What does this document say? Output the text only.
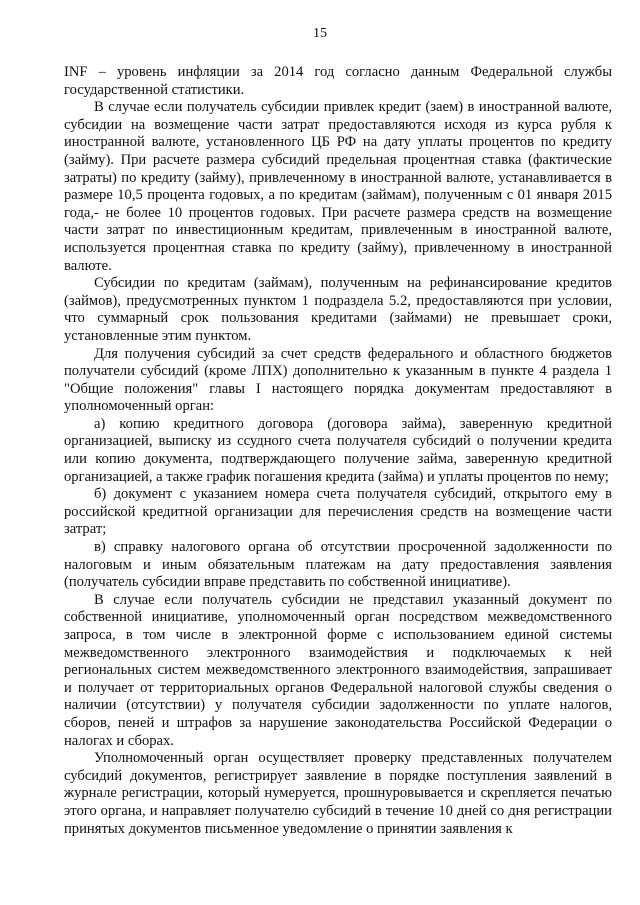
15

INF – уровень инфляции за 2014 год согласно данным Федеральной службы государственной статистики.

В случае если получатель субсидии привлек кредит (заем) в иностранной валюте, субсидии на возмещение части затрат предоставляются исходя из курса рубля к иностранной валюте, установленного ЦБ РФ на дату уплаты процентов по кредиту (займу). При расчете размера субсидий предельная процентная ставка (фактические затраты) по кредиту (займу), привлеченному в иностранной валюте, устанавливается в размере 10,5 процента годовых, а по кредитам (займам), полученным с 01 января 2015 года,- не более 10 процентов годовых. При расчете размера средств на возмещение части затрат по инвестиционным кредитам, привлеченным в иностранной валюте, используется процентная ставка по кредиту (займу), привлеченному в иностранной валюте.

Субсидии по кредитам (займам), полученным на рефинансирование кредитов (займов), предусмотренных пунктом 1 подраздела 5.2, предоставляются при условии, что суммарный срок пользования кредитами (займами) не превышает сроки, установленные этим пунктом.

Для получения субсидий за счет средств федерального и областного бюджетов получатели субсидий (кроме ЛПХ) дополнительно к указанным в пункте 4 раздела 1 "Общие положения" главы I настоящего порядка документам предоставляют в уполномоченный орган:

а) копию кредитного договора (договора займа), заверенную кредитной организацией, выписку из ссудного счета получателя субсидий о получении кредита или копию документа, подтверждающего получение займа, заверенную кредитной организацией, а также график погашения кредита (займа) и уплаты процентов по нему;

б) документ с указанием номера счета получателя субсидий, открытого ему в российской кредитной организации для перечисления средств на возмещение части затрат;

в) справку налогового органа об отсутствии просроченной задолженности по налоговым и иным обязательным платежам на дату предоставления заявления (получатель субсидии вправе представить по собственной инициативе).

В случае если получатель субсидии не представил указанный документ по собственной инициативе, уполномоченный орган посредством межведомственного запроса, в том числе в электронной форме с использованием единой системы межведомственного электронного взаимодействия и подключаемых к ней региональных систем межведомственного электронного взаимодействия, запрашивает и получает от территориальных органов Федеральной налоговой службы сведения о наличии (отсутствии) у получателя субсидии задолженности по уплате налогов, сборов, пеней и штрафов за нарушение законодательства Российской Федерации о налогах и сборах.

Уполномоченный орган осуществляет проверку представленных получателем субсидий документов, регистрирует заявление в порядке поступления заявлений в журнале регистрации, который нумеруется, прошнуровывается и скрепляется печатью этого органа, и направляет получателю субсидий в течение 10 дней со дня регистрации принятых документов письменное уведомление о принятии заявления к
